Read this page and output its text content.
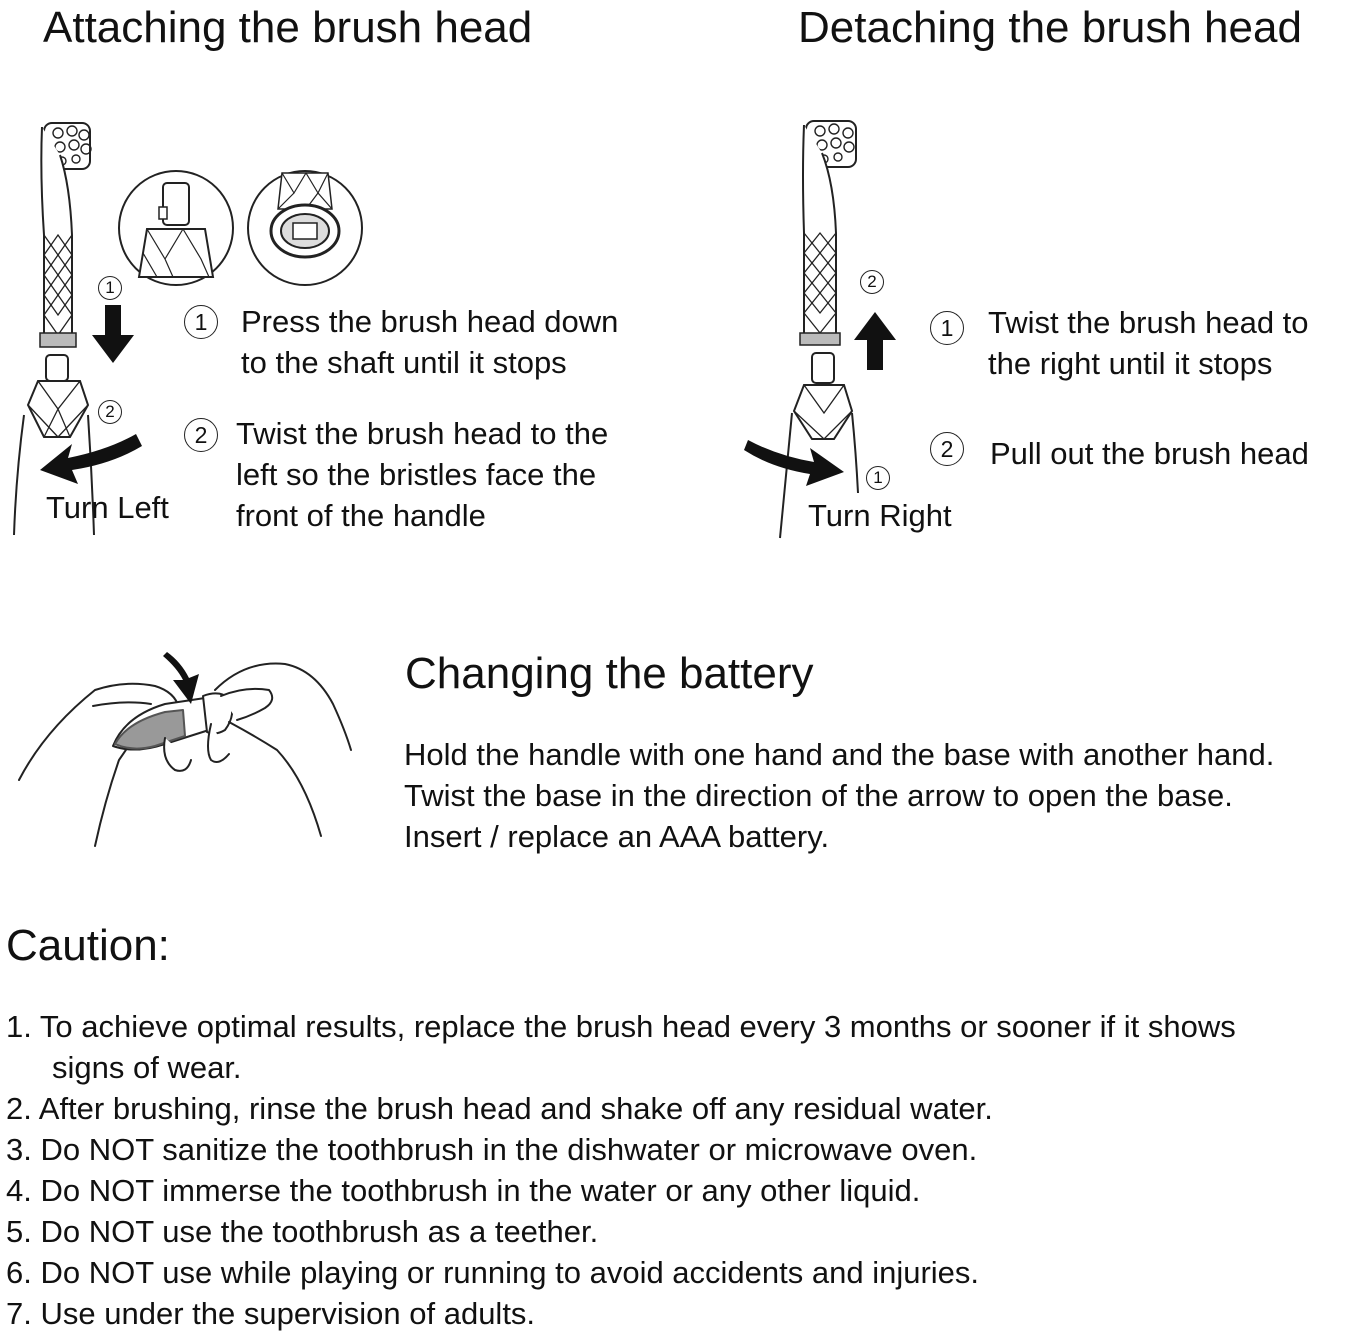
Attaching the brush head
1
2
Turn Left
1	Press the brush head down
to the shaft until it stops
2 Twist the brush head to the
left so the bristles face the
front of the handle
Detaching the brush head
2
1
Turn Right
1	Twist the brush head to
the right until it stops
2	Pull out the brush head
Changing the battery
Hold the handle with one hand and the base with another hand.
Twist the base in the direction of the arrow to open the base.
Insert / replace an AAA battery.
Caution:
1. To achieve optimal results, replace the brush head every 3 months or sooner if it shows
signs of wear.
2. After brushing, rinse the brush head and shake off any residual water.
3. Do NOT sanitize the toothbrush in the dishwater or microwave oven.
4. Do NOT immerse the toothbrush in the water or any other liquid.
5. Do NOT use the toothbrush as a teether.
6. Do NOT use while playing or running to avoid accidents and injuries.
7. Use under the supervision of adults.
